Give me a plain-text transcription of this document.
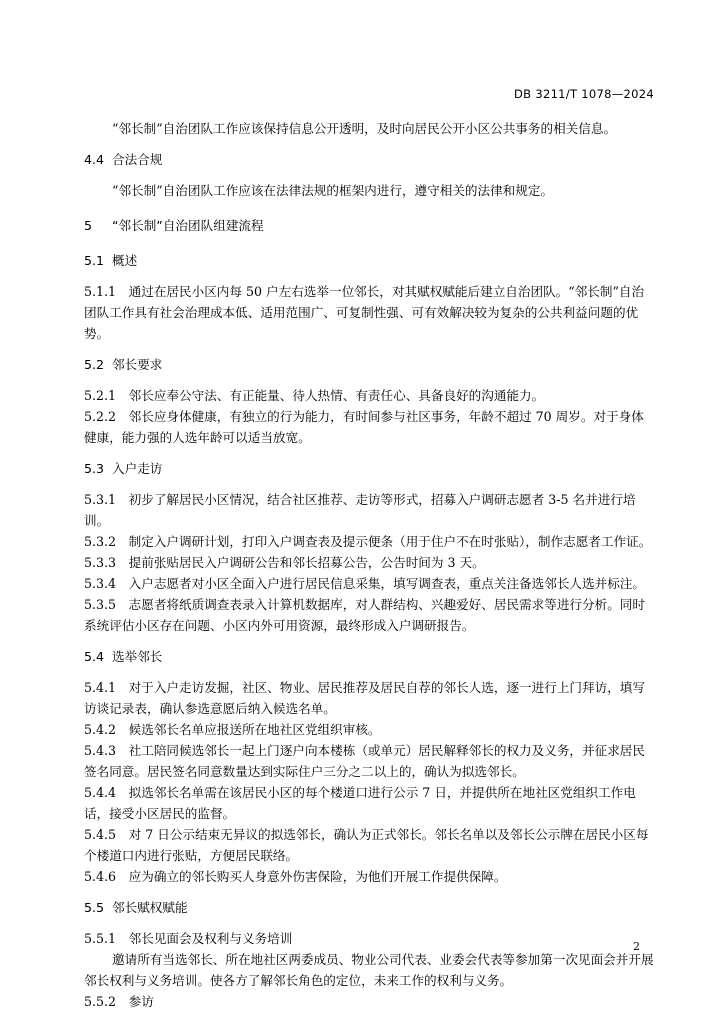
DB 3211/T 1078—2024

“邻长制”自治团队工作应该保持信息公开透明，及时向居民公开小区公共事务的相关信息。

4.4 合法合规

“邻长制”自治团队工作应该在法律法规的框架内进行，遵守相关的法律和规定。

5 “邻长制”自治团队组建流程
5.1 概述

5.1.1　通过在居民小区内每 50 户左右选举一位邻长，对其赋权赋能后建立自治团队。“邻长制”自治团队工作具有社会治理成本低、适用范围广、可复制性强、可有效解决较为复杂的公共利益问题的优势。

5.2 邻长要求

5.2.1　邻长应奉公守法、有正能量、待人热情、有责任心、具备良好的沟通能力。

5.2.2　邻长应身体健康，有独立的行为能力，有时间参与社区事务，年龄不超过 70 周岁。对于身体健康，能力强的人选年龄可以适当放宽。

5.3 入户走访

5.3.1　初步了解居民小区情况，结合社区推荐、走访等形式，招募入户调研志愿者 3-5 名并进行培训。

5.3.2　制定入户调研计划，打印入户调查表及提示便条（用于住户不在时张贴），制作志愿者工作证。

5.3.3　提前张贴居民入户调研公告和邻长招募公告，公告时间为 3 天。

5.3.4　入户志愿者对小区全面入户进行居民信息采集，填写调查表，重点关注备选邻长人选并标注。

5.3.5　志愿者将纸质调查表录入计算机数据库，对人群结构、兴趣爱好、居民需求等进行分析。同时系统评估小区存在问题、小区内外可用资源，最终形成入户调研报告。

5.4 选举邻长

5.4.1　对于入户走访发掘，社区、物业、居民推荐及居民自荐的邻长人选，逐一进行上门拜访，填写访谈记录表，确认参选意愿后纳入候选名单。

5.4.2　候选邻长名单应报送所在地社区党组织审核。

5.4.3　社工陪同候选邻长一起上门逐户向本楼栋（或单元）居民解释邻长的权力及义务，并征求居民签名同意。居民签名同意数量达到实际住户三分之二以上的，确认为拟选邻长。

5.4.4　拟选邻长名单需在该居民小区的每个楼道口进行公示 7 日，并提供所在地社区党组织工作电话，接受小区居民的监督。

5.4.5　对 7 日公示结束无异议的拟选邻长，确认为正式邻长。邻长名单以及邻长公示牌在居民小区每个楼道口内进行张贴，方便居民联络。

5.4.6　应为确立的邻长购买人身意外伤害保险，为他们开展工作提供保障。

5.5 邻长赋权赋能

5.5.1　邻长见面会及权利与义务培训

邀请所有当选邻长、所在地社区两委成员、物业公司代表、业委会代表等参加第一次见面会并开展邻长权利与义务培训。使各方了解邻长角色的定位，未来工作的权利与义务。

5.5.2　参访

2
